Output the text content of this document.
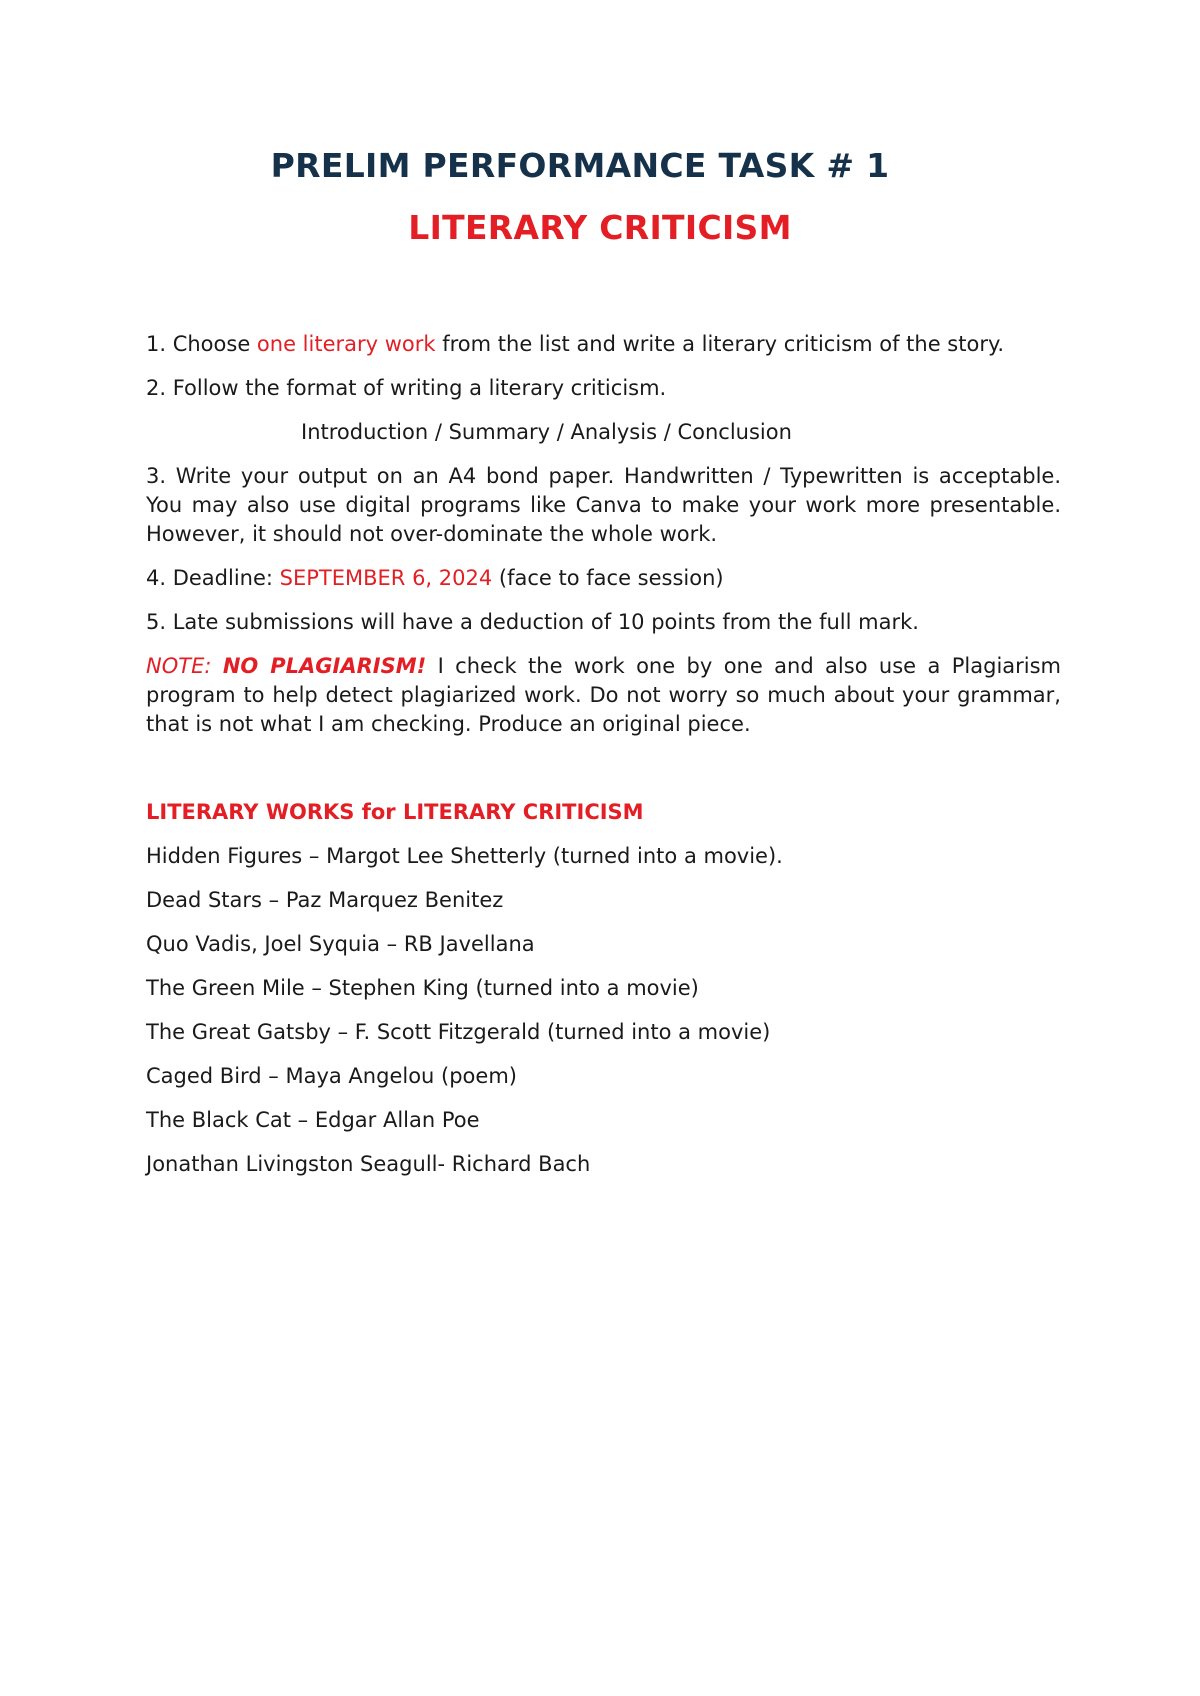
PRELIM PERFORMANCE TASK # 1
LITERARY CRITICISM

1. Choose one literary work from the list and write a literary criticism of the story.

2. Follow the format of writing a literary criticism.

Introduction / Summary / Analysis / Conclusion

3. Write your output on an A4 bond paper. Handwritten / Typewritten is acceptable. You may also use digital programs like Canva to make your work more presentable. However, it should not over-dominate the whole work.

4. Deadline: SEPTEMBER 6, 2024 (face to face session)

5. Late submissions will have a deduction of 10 points from the full mark.

NOTE: NO PLAGIARISM! I check the work one by one and also use a Plagiarism program to help detect plagiarized work. Do not worry so much about your grammar, that is not what I am checking. Produce an original piece.

LITERARY WORKS for LITERARY CRITICISM
Hidden Figures – Margot Lee Shetterly (turned into a movie).
Dead Stars – Paz Marquez Benitez
Quo Vadis, Joel Syquia – RB Javellana
The Green Mile – Stephen King (turned into a movie)
The Great Gatsby – F. Scott Fitzgerald (turned into a movie)
Caged Bird – Maya Angelou (poem)
The Black Cat – Edgar Allan Poe
Jonathan Livingston Seagull- Richard Bach
